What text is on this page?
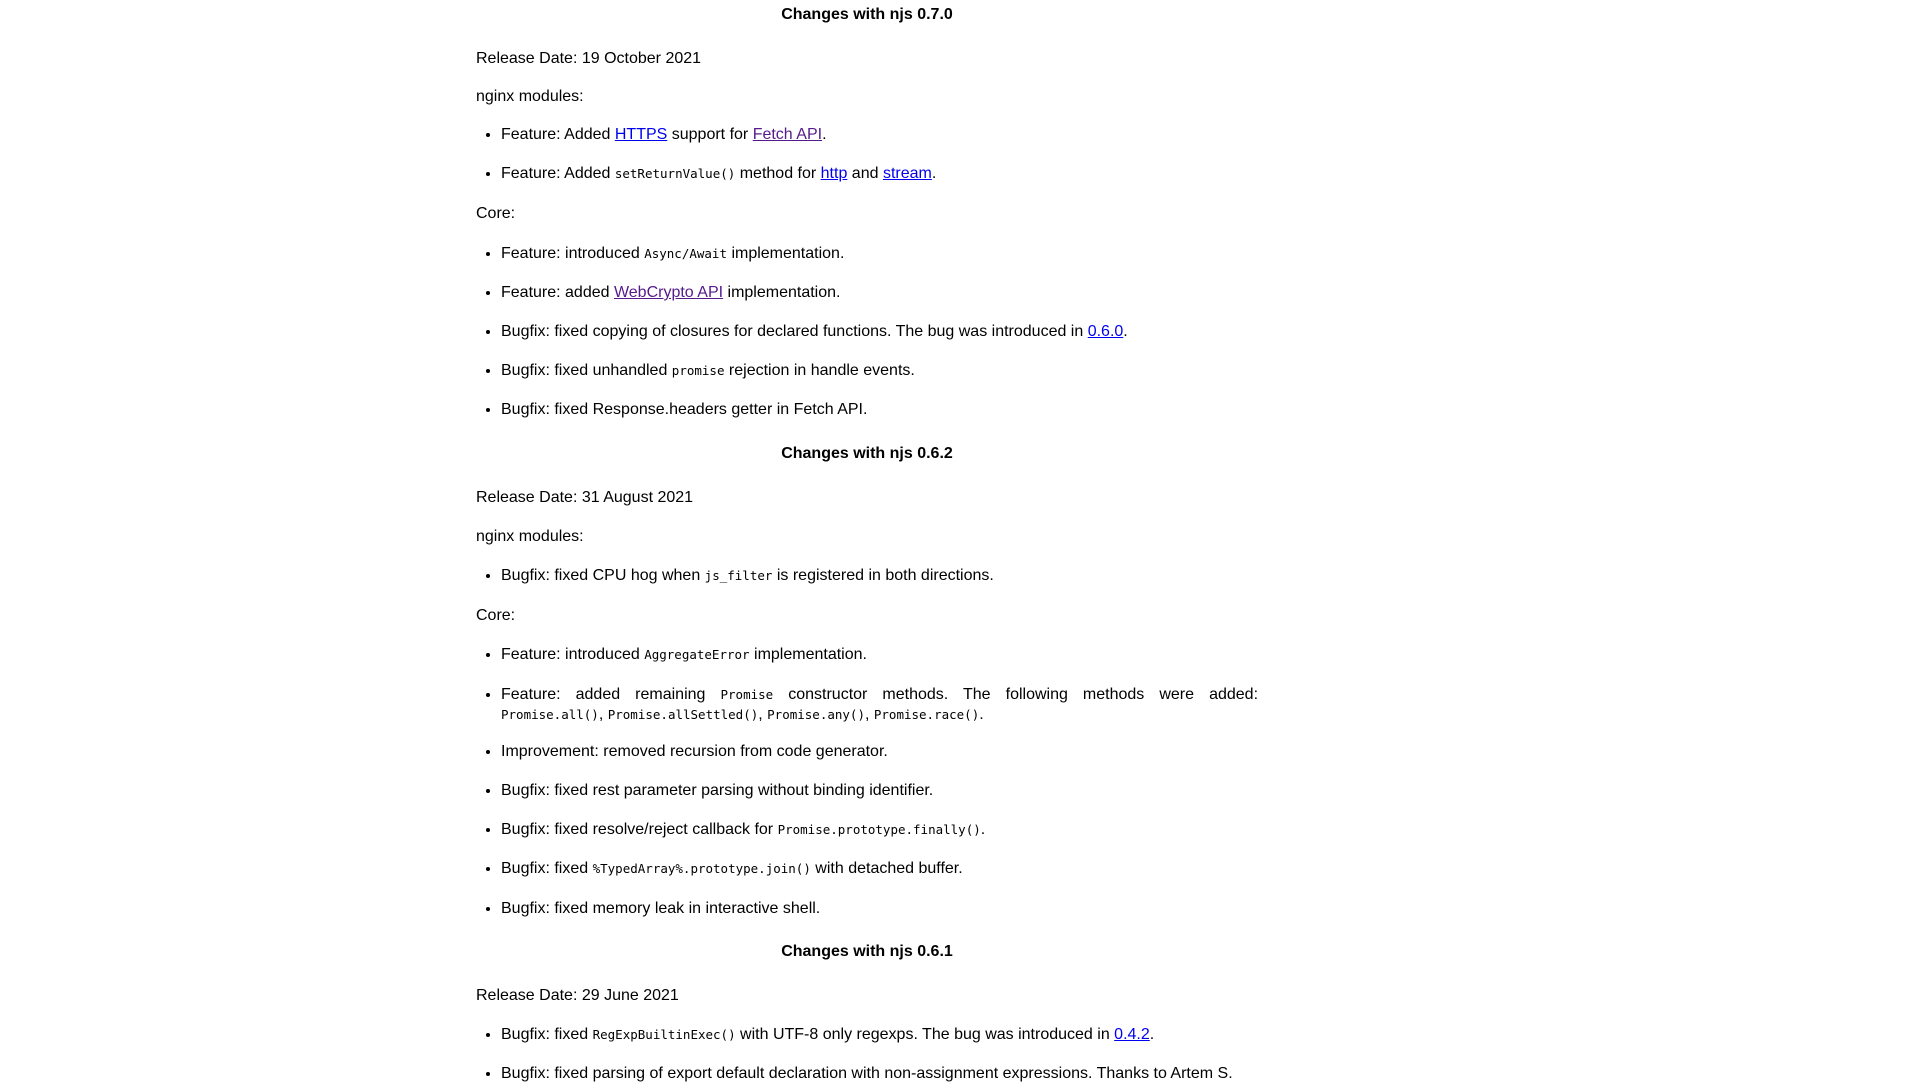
Changes with njs 0.7.0

Release Date: 19 October 2021

nginx modules:

• Feature: Added HTTPS support for Fetch API.
• Feature: Added setReturnValue() method for http and stream.

Core:

• Feature: introduced Async/Await implementation.
• Feature: added WebCrypto API implementation.
• Bugfix: fixed copying of closures for declared functions. The bug was introduced in 0.6.0.
• Bugfix: fixed unhandled promise rejection in handle events.
• Bugfix: fixed Response.headers getter in Fetch API.
Changes with njs 0.6.2

Release Date: 31 August 2021

nginx modules:

• Bugfix: fixed CPU hog when js_filter is registered in both directions.

Core:

• Feature: introduced AggregateError implementation.
• Feature: added remaining Promise constructor methods. The following methods were added: Promise.all(), Promise.allSettled(), Promise.any(), Promise.race().
• Improvement: removed recursion from code generator.
• Bugfix: fixed rest parameter parsing without binding identifier.
• Bugfix: fixed resolve/reject callback for Promise.prototype.finally().
• Bugfix: fixed %TypedArray%.prototype.join() with detached buffer.
• Bugfix: fixed memory leak in interactive shell.
Changes with njs 0.6.1

Release Date: 29 June 2021

• Bugfix: fixed RegExpBuiltinExec() with UTF-8 only regexps. The bug was introduced in 0.4.2.
• Bugfix: fixed parsing of export default declaration with non-assignment expressions. Thanks to Artem S.
